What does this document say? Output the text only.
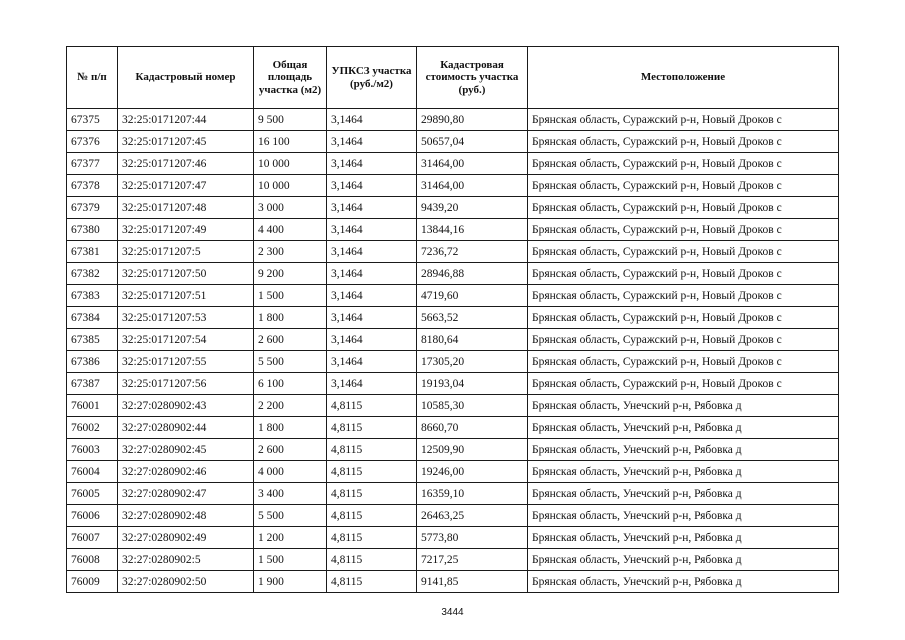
№ п/п	Кадастровый номер	Общая площадь участка (м2)	УПКСЗ участка (руб./м2)	Кадастровая стоимость участка (руб.)	Местоположение
67375	32:25:0171207:44	9 500	3,1464	29890,80	Брянская область, Суражский р-н, Новый Дроков с
67376	32:25:0171207:45	16 100	3,1464	50657,04	Брянская область, Суражский р-н, Новый Дроков с
67377	32:25:0171207:46	10 000	3,1464	31464,00	Брянская область, Суражский р-н, Новый Дроков с
67378	32:25:0171207:47	10 000	3,1464	31464,00	Брянская область, Суражский р-н, Новый Дроков с
67379	32:25:0171207:48	3 000	3,1464	9439,20	Брянская область, Суражский р-н, Новый Дроков с
67380	32:25:0171207:49	4 400	3,1464	13844,16	Брянская область, Суражский р-н, Новый Дроков с
67381	32:25:0171207:5	2 300	3,1464	7236,72	Брянская область, Суражский р-н, Новый Дроков с
67382	32:25:0171207:50	9 200	3,1464	28946,88	Брянская область, Суражский р-н, Новый Дроков с
67383	32:25:0171207:51	1 500	3,1464	4719,60	Брянская область, Суражский р-н, Новый Дроков с
67384	32:25:0171207:53	1 800	3,1464	5663,52	Брянская область, Суражский р-н, Новый Дроков с
67385	32:25:0171207:54	2 600	3,1464	8180,64	Брянская область, Суражский р-н, Новый Дроков с
67386	32:25:0171207:55	5 500	3,1464	17305,20	Брянская область, Суражский р-н, Новый Дроков с
67387	32:25:0171207:56	6 100	3,1464	19193,04	Брянская область, Суражский р-н, Новый Дроков с
76001	32:27:0280902:43	2 200	4,8115	10585,30	Брянская область, Унечский р-н, Рябовка д
76002	32:27:0280902:44	1 800	4,8115	8660,70	Брянская область, Унечский р-н, Рябовка д
76003	32:27:0280902:45	2 600	4,8115	12509,90	Брянская область, Унечский р-н, Рябовка д
76004	32:27:0280902:46	4 000	4,8115	19246,00	Брянская область, Унечский р-н, Рябовка д
76005	32:27:0280902:47	3 400	4,8115	16359,10	Брянская область, Унечский р-н, Рябовка д
76006	32:27:0280902:48	5 500	4,8115	26463,25	Брянская область, Унечский р-н, Рябовка д
76007	32:27:0280902:49	1 200	4,8115	5773,80	Брянская область, Унечский р-н, Рябовка д
76008	32:27:0280902:5	1 500	4,8115	7217,25	Брянская область, Унечский р-н, Рябовка д
76009	32:27:0280902:50	1 900	4,8115	9141,85	Брянская область, Унечский р-н, Рябовка д
3444
